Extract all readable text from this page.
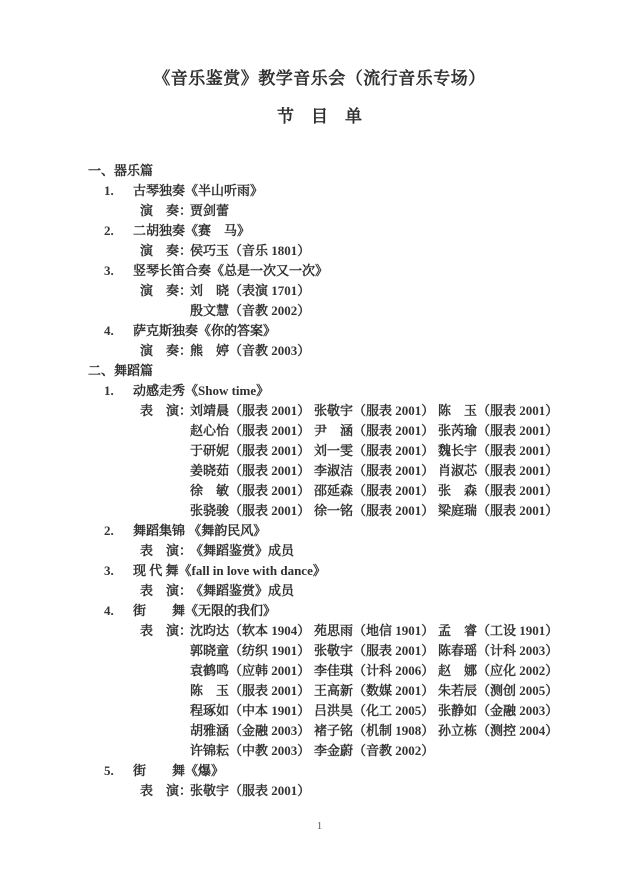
《音乐鉴赏》教学音乐会（流行音乐专场）
节　目　单
一、器乐篇
1. 古琴独奏《半山听雨》
演　奏：
贾剑蕾
2. 二胡独奏《赛　马》
演　奏：
侯巧玉（音乐 1801）
3. 竖琴长笛合奏《总是一次又一次》
演　奏：
刘　晓（表演 1701）
殷文慧（音教 2002）
4. 萨克斯独奏《你的答案》
演　奏：
熊　婷（音教 2003）
二、舞蹈篇
1. 动感走秀《Show time》
表　演：
刘靖晨（服表 2001） 张敬宇（服表 2001） 陈　玉（服表 2001）
赵心怡（服表 2001） 尹　涵（服表 2001） 张芮瑜（服表 2001）
于研妮（服表 2001） 刘一雯（服表 2001） 魏长宇（服表 2001）
姜晓茹（服表 2001） 李淑洁（服表 2001） 肖淑芯（服表 2001）
徐　敏（服表 2001） 邵延森（服表 2001） 张　森（服表 2001）
张骁骏（服表 2001） 徐一铭（服表 2001） 梁庭瑞（服表 2001）
2. 舞蹈集锦 《舞韵民风》
表　演：
《舞蹈鉴赏》成员
3. 现 代 舞《fall in love with dance》
表　演：
《舞蹈鉴赏》成员
4. 街　　舞《无限的我们》
表　演：
沈昀达（软本 1904） 苑思雨（地信 1901） 孟　睿（工设 1901）
郭晓童（纺织 1901） 张敬宇（服表 2001） 陈春瑶（计科 2003）
袁鹤鸣（应韩 2001） 李佳琪（计科 2006） 赵　娜（应化 2002）
陈　玉（服表 2001） 王高新（数媒 2001） 朱若辰（测创 2005）
程琢如（中本 1901） 吕洪昊（化工 2005） 张静如（金融 2003）
胡雅涵（金融 2003） 褚子铭（机制 1908） 孙立栋（测控 2004）
许锦耘（中教 2003） 李金蔚（音教 2002）
5. 街　　舞《爆》
表　演：
张敬宇（服表 2001）
1
